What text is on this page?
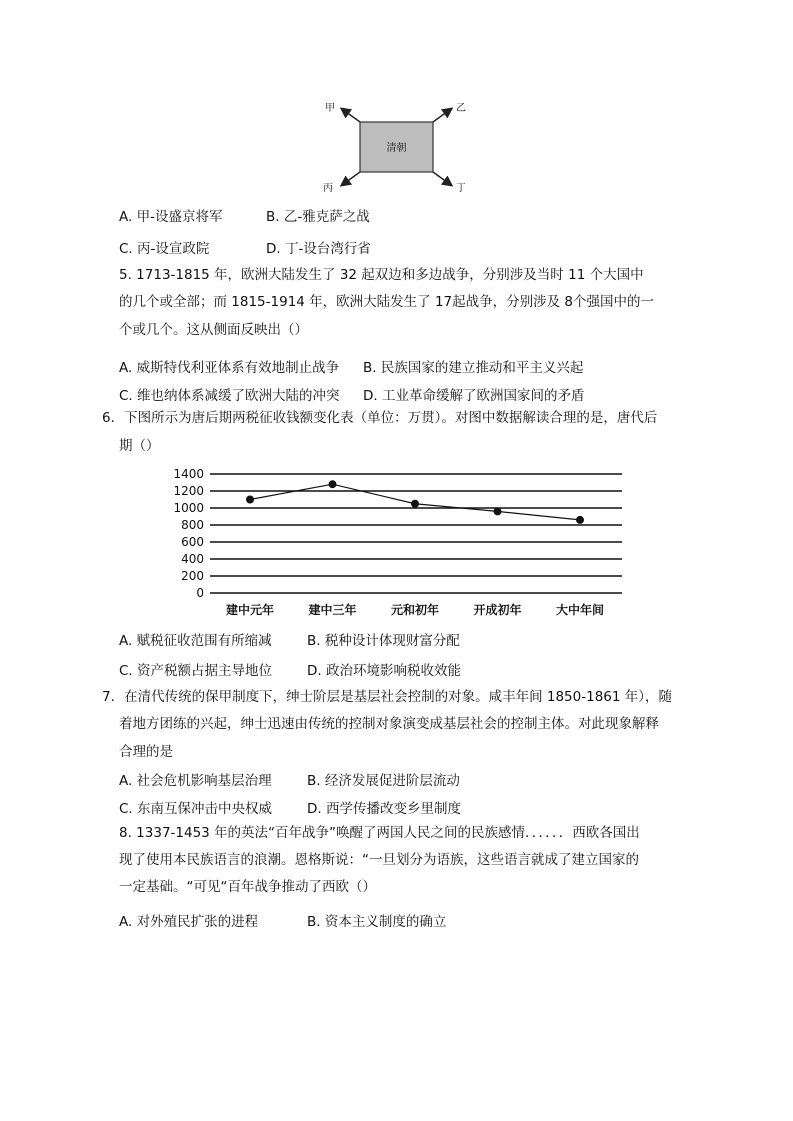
清朝
甲	乙
丙	丁
A. 甲-设盛京将军	B. 乙-雅克萨之战
C. 丙-设宣政院	D. 丁-设台湾行省
5. 1713-1815 年，欧洲大陆发生了 32 起双边和多边战争，分别涉及当时 11 个大国中
的几个或全部；而 1815-1914 年，欧洲大陆发生了 17起战争，分别涉及 8个强国中的一
个或几个。这从侧面反映出（）
A. 威斯特伐利亚体系有效地制止战争 B. 民族国家的建立推动和平主义兴起
C. 维也纳体系减缓了欧洲大陆的冲突 D. 工业革命缓解了欧洲国家间的矛盾
6．下图所示为唐后期两税征收钱额变化表（单位：万贯）。对图中数据解读合理的是，唐代后
期（）
0
200
400
600
800
1000
1200
1400
建中元年	建中三年	元和初年	开成初年	大中年间
A. 赋税征收范围有所缩减	B. 税种设计体现财富分配
C. 资产税额占据主导地位	D. 政治环境影响税收效能
7．在清代传统的保甲制度下，绅士阶层是基层社会控制的对象。咸丰年间 1850-1861 年），随
着地方团练的兴起，绅士迅速由传统的控制对象演变成基层社会的控制主体。对此现象解释
合理的是
A. 社会危机影响基层治理	B. 经济发展促进阶层流动
C. 东南互保冲击中央权威	D. 西学传播改变乡里制度
8. 1337-1453 年的英法“百年战争”唤醒了两国人民之间的民族感情．．．．．．西欧各国出
现了使用本民族语言的浪潮。恩格斯说：“一旦划分为语族，这些语言就成了建立国家的
一定基础。“可见“百年战争推动了西欧（）
A. 对外殖民扩张的进程	B. 资本主义制度的确立
